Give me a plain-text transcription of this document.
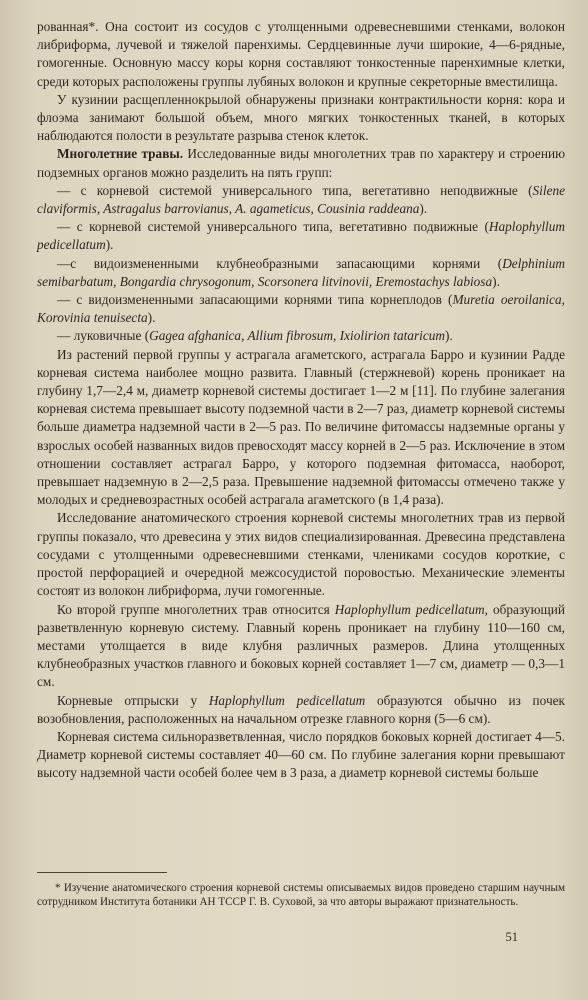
рованная*. Она состоит из сосудов с утолщенными одревесневшими стенками, волокон либриформа, лучевой и тяжелой паренхимы. Сердцевинные лучи широкие, 4—6-рядные, гомогенные. Основную массу коры корня составляют тонкостенные паренхимные клетки, среди которых расположены группы лубяных волокон и крупные секреторные вместилища.

У кузинии расщепленнокрылой обнаружены признаки контрактильности корня: кора и флоэма занимают большой объем, много мягких тонкостенных тканей, в которых наблюдаются полости в результате разрыва стенок клеток.

Многолетние травы. Исследованные виды многолетних трав по характеру и строению подземных органов можно разделить на пять групп:

— с корневой системой универсального типа, вегетативно неподвижные (Silene claviformis, Astragalus barrovianus, A. agameticus, Cousinia raddeana).

— с корневой системой универсального типа, вегетативно подвижные (Haplophyllum pedicellatum).

—с видоизмененными клубнеобразными запасающими корнями (Delphinium semibarbatum, Bongardia chrysogonum, Scorsonera litvinovii, Eremostachys labiosa).

— с видоизмененными запасающими корнями типа корнеплодов (Muretia oeroilanica, Korovinia tenuisecta).

— луковичные (Gagea afghanica, Allium fibrosum, Ixiolirion tataricum).

Из растений первой группы у астрагала агаметского, астрагала Барро и кузинии Радде корневая система наиболее мощно развита. Главный (стержневой) корень проникает на глубину 1,7—2,4 м, диаметр корневой системы достигает 1—2 м [11]. По глубине залегания корневая система превышает высоту подземной части в 2—7 раз, диаметр корневой системы больше диаметра надземной части в 2—5 раз. По величине фитомассы надземные органы у взрослых особей названных видов превосходят массу корней в 2—5 раз. Исключение в этом отношении составляет астрагал Барро, у которого подземная фитомасса, наоборот, превышает надземную в 2—2,5 раза. Превышение надземной фитомассы отмечено также у молодых и средневозрастных особей астрагала агаметского (в 1,4 раза).

Исследование анатомического строения корневой системы многолетних трав из первой группы показало, что древесина у этих видов специализированная. Древесина представлена сосудами с утолщенными одревесневшими стенками, члениками сосудов короткие, с простой перфорацией и очередной межсосудистой поровостью. Механические элементы состоят из волокон либриформа, лучи гомогенные.

Ко второй группе многолетних трав относится Haplophyllum pedicellatum, образующий разветвленную корневую систему. Главный корень проникает на глубину 110—160 см, местами утолщается в виде клубня различных размеров. Длина утолщенных клубнеобразных участков главного и боковых корней составляет 1—7 см, диаметр — 0,3—1 см.

Корневые отпрыски у Haplophyllum pedicellatum образуются обычно из почек возобновления, расположенных на начальном отрезке главного корня (5—6 см).

Корневая система сильноразветвленная, число порядков боковых корней достигает 4—5. Диаметр корневой системы составляет 40—60 см. По глубине залегания корни превышают высоту надземной части особей более чем в 3 раза, а диаметр корневой системы больше

* Изучение анатомического строения корневой системы описываемых видов проведено старшим научным сотрудником Института ботаники АН ТССР Г. В. Суховой, за что авторы выражают признательность.
51
